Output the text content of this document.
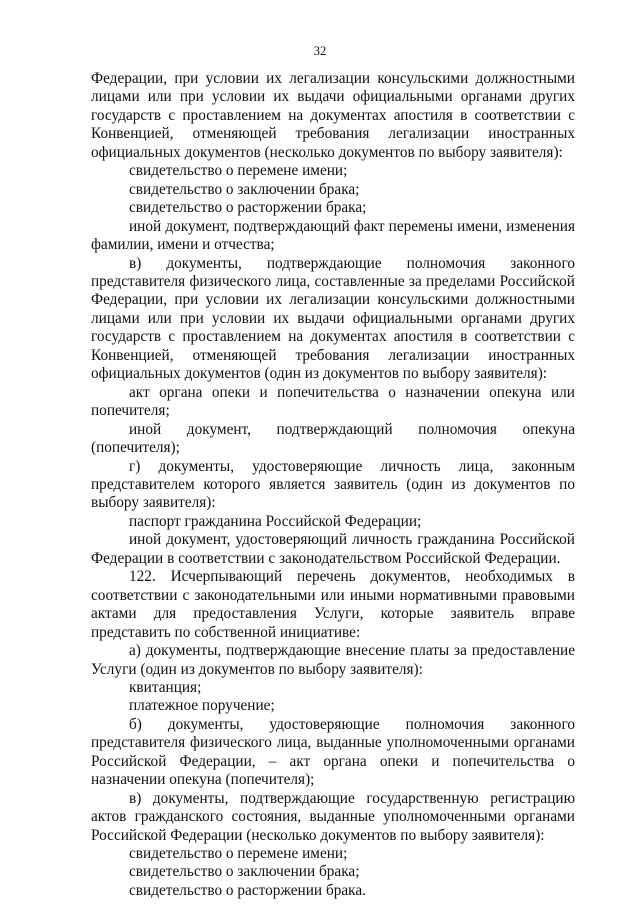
32

Федерации, при условии их легализации консульскими должностными лицами или при условии их выдачи официальными органами других государств с проставлением на документах апостиля в соответствии с Конвенцией, отменяющей требования легализации иностранных официальных документов (несколько документов по выбору заявителя):

свидетельство о перемене имени;

свидетельство о заключении брака;

свидетельство о расторжении брака;

иной документ, подтверждающий факт перемены имени, изменения фамилии, имени и отчества;

в) документы, подтверждающие полномочия законного представителя физического лица, составленные за пределами Российской Федерации, при условии их легализации консульскими должностными лицами или при условии их выдачи официальными органами других государств с проставлением на документах апостиля в соответствии с Конвенцией, отменяющей требования легализации иностранных официальных документов (один из документов по выбору заявителя):

акт органа опеки и попечительства о назначении опекуна или попечителя;

иной документ, подтверждающий полномочия опекуна (попечителя);

г) документы, удостоверяющие личность лица, законным представителем которого является заявитель (один из документов по выбору заявителя):

паспорт гражданина Российской Федерации;

иной документ, удостоверяющий личность гражданина Российской Федерации в соответствии с законодательством Российской Федерации.

122. Исчерпывающий перечень документов, необходимых в соответствии с законодательными или иными нормативными правовыми актами для предоставления Услуги, которые заявитель вправе представить по собственной инициативе:

а) документы, подтверждающие внесение платы за предоставление Услуги (один из документов по выбору заявителя):

квитанция;

платежное поручение;

б) документы, удостоверяющие полномочия законного представителя физического лица, выданные уполномоченными органами Российской Федерации, – акт органа опеки и попечительства о назначении опекуна (попечителя);

в) документы, подтверждающие государственную регистрацию актов гражданского состояния, выданные уполномоченными органами Российской Федерации (несколько документов по выбору заявителя):

свидетельство о перемене имени;

свидетельство о заключении брака;

свидетельство о расторжении брака.
